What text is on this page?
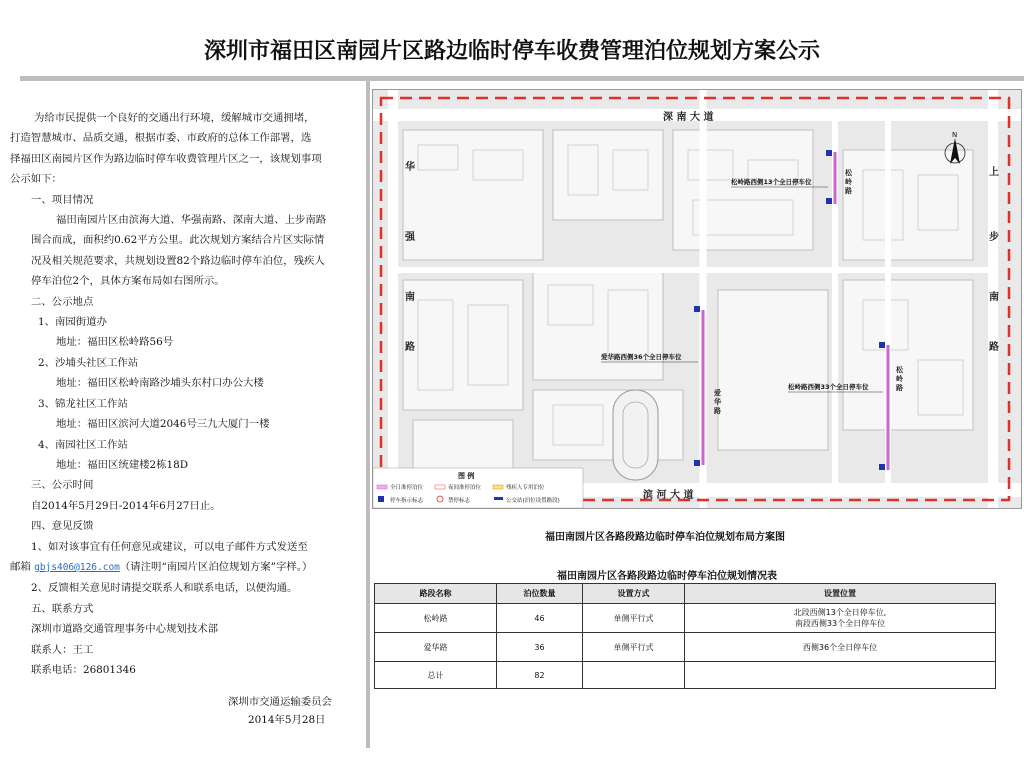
深圳市福田区南园片区路边临时停车收费管理泊位规划方案公示

为给市民提供一个良好的交通出行环境，缓解城市交通拥堵，

打造智慧城市、品质交通，根据市委、市政府的总体工作部署，选

择福田区南园片区作为路边临时停车收费管理片区之一，该规划事项

公示如下：

一、项目情况

福田南园片区由滨海大道、华强南路、深南大道、上步南路

围合而成，面积约0.62平方公里。此次规划方案结合片区实际情

况及相关规范要求，共规划设置82个路边临时停车泊位，残疾人

停车泊位2个，具体方案布局如右图所示。

二、公示地点

1、南园街道办

地址：福田区松岭路56号

2、沙埔头社区工作站

地址：福田区松岭南路沙埔头东村口办公大楼

3、锦龙社区工作站

地址：福田区滨河大道2046号三九大厦门一楼

4、南园社区工作站

地址：福田区统建楼2栋18D

三、公示时间

自2014年5月29日-2014年6月27日止。

四、意见反馈

1、如对该事宜有任何意见或建议，可以电子邮件方式发送至

邮箱 gbjs406@126.com（请注明“南园片区泊位规划方案”字样。）

2、反馈相关意见时请提交联系人和联系电话，以便沟通。

五、联系方式

深圳市道路交通管理事务中心规划技术部

联系人：王工

联系电话：26801346

深圳市交通运输委员会
2014年5月28日
深 南 大 道
滨 河 大 道
华
强
南
路
上
步
南
路
松
岭
路
松
岭
路
爱
华
路
松岭路西侧13个全日停车位
爱华路西侧36个全日停车位
松岭路西侧33个全日停车位
N
图 例
全日准停泊位	夜间准停泊位	残疾人专用泊位
停车指示标志	禁停标志	公交站(泊位设置路段)
福田南园片区各路段路边临时停车泊位规划布局方案图
福田南园片区各路段路边临时停车泊位规划情况表
路段名称	泊位数量	设置方式	设置位置
松岭路	46	单侧平行式	北段西侧13个全日停车位,
南段西侧33个全日停车位

爱华路	36	单侧平行式	西侧36个全日停车位

总计	82		
